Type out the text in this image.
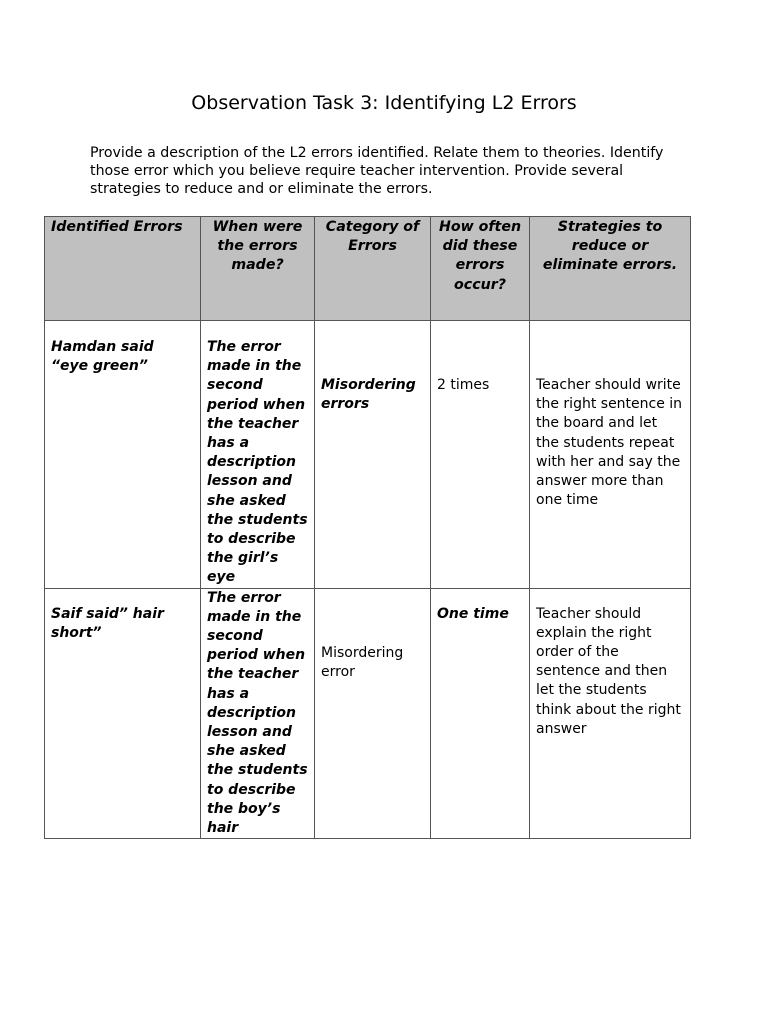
Observation Task 3: Identifying L2 Errors

Provide a description of the L2 errors identified. Relate them to theories. Identify those error which you believe require teacher intervention. Provide several strategies to reduce and or eliminate the errors.

Identified Errors	When were the errors made?	Category of Errors	How often did these errors occur?	Strategies to reduce or eliminate errors.
Hamdan said “eye green”	The error made in the second period when the teacher has a description lesson and she asked the students to describe the girl’s eye	Misordering errors	2 times	Teacher should write the right sentence in the board and let the students repeat with her and say the answer more than one time
Saif said” hair short”	The error made in the second period when the teacher has a description lesson and she asked the students to describe the boy’s hair	Misordering error	One time	Teacher should explain the right order of the sentence and then let the students think about the right answer
